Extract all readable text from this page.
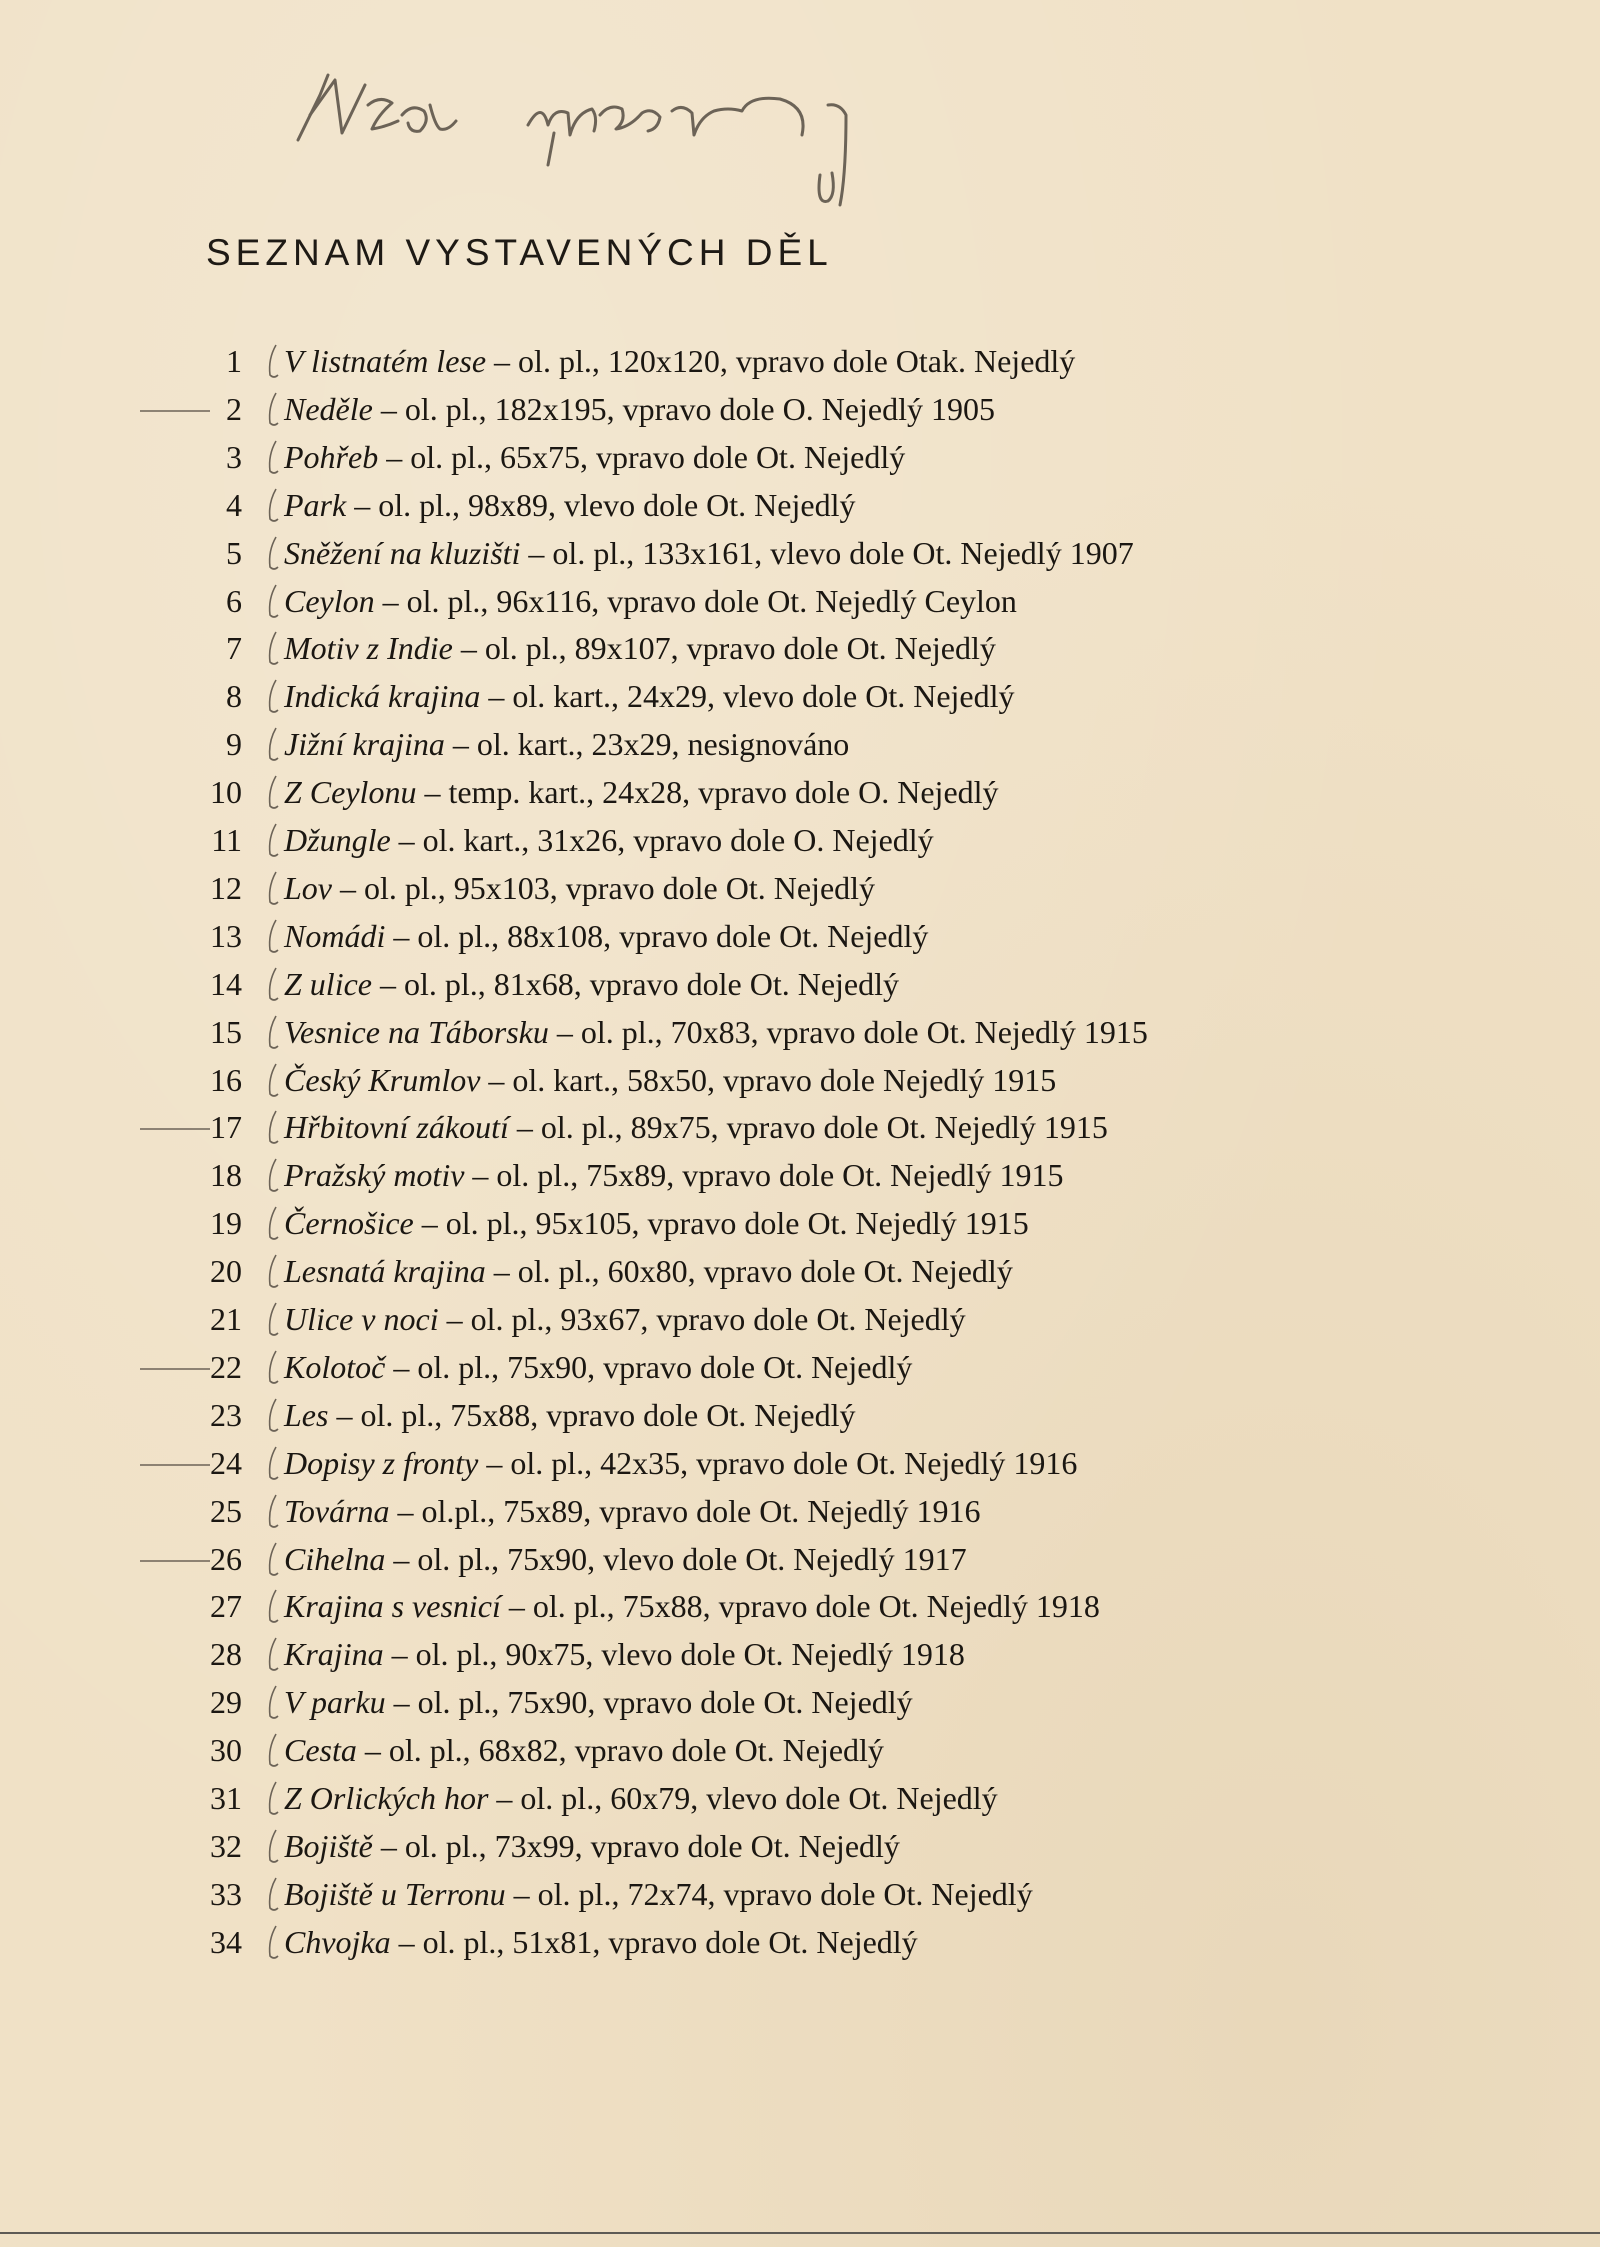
SEZNAM VYSTAVENÝCH DĚL
1 V listnatém lese – ol. pl., 120x120, vpravo dole Otak. Nejedlý
2 Neděle – ol. pl., 182x195, vpravo dole O. Nejedlý 1905
3 Pohřeb – ol. pl., 65x75, vpravo dole Ot. Nejedlý
4 Park – ol. pl., 98x89, vlevo dole Ot. Nejedlý
5 Sněžení na kluzišti – ol. pl., 133x161, vlevo dole Ot. Nejedlý 1907
6 Ceylon – ol. pl., 96x116, vpravo dole Ot. Nejedlý Ceylon
7 Motiv z Indie – ol. pl., 89x107, vpravo dole Ot. Nejedlý
8 Indická krajina – ol. kart., 24x29, vlevo dole Ot. Nejedlý
9 Jižní krajina – ol. kart., 23x29, nesignováno
10 Z Ceylonu – temp. kart., 24x28, vpravo dole O. Nejedlý
11 Džungle – ol. kart., 31x26, vpravo dole O. Nejedlý
12 Lov – ol. pl., 95x103, vpravo dole Ot. Nejedlý
13 Nomádi – ol. pl., 88x108, vpravo dole Ot. Nejedlý
14 Z ulice – ol. pl., 81x68, vpravo dole Ot. Nejedlý
15 Vesnice na Táborsku – ol. pl., 70x83, vpravo dole Ot. Nejedlý 1915
16 Český Krumlov – ol. kart., 58x50, vpravo dole Nejedlý 1915
17 Hřbitovní zákoutí – ol. pl., 89x75, vpravo dole Ot. Nejedlý 1915
18 Pražský motiv – ol. pl., 75x89, vpravo dole Ot. Nejedlý 1915
19 Černošice – ol. pl., 95x105, vpravo dole Ot. Nejedlý 1915
20 Lesnatá krajina – ol. pl., 60x80, vpravo dole Ot. Nejedlý
21 Ulice v noci – ol. pl., 93x67, vpravo dole Ot. Nejedlý
22 Kolotoč – ol. pl., 75x90, vpravo dole Ot. Nejedlý
23 Les – ol. pl., 75x88, vpravo dole Ot. Nejedlý
24 Dopisy z fronty – ol. pl., 42x35, vpravo dole Ot. Nejedlý 1916
25 Továrna – ol.pl., 75x89, vpravo dole Ot. Nejedlý 1916
26 Cihelna – ol. pl., 75x90, vlevo dole Ot. Nejedlý 1917
27 Krajina s vesnicí – ol. pl., 75x88, vpravo dole Ot. Nejedlý 1918
28 Krajina – ol. pl., 90x75, vlevo dole Ot. Nejedlý 1918
29 V parku – ol. pl., 75x90, vpravo dole Ot. Nejedlý
30 Cesta – ol. pl., 68x82, vpravo dole Ot. Nejedlý
31 Z Orlických hor – ol. pl., 60x79, vlevo dole Ot. Nejedlý
32 Bojiště – ol. pl., 73x99, vpravo dole Ot. Nejedlý
33 Bojiště u Terronu – ol. pl., 72x74, vpravo dole Ot. Nejedlý
34 Chvojka – ol. pl., 51x81, vpravo dole Ot. Nejedlý
